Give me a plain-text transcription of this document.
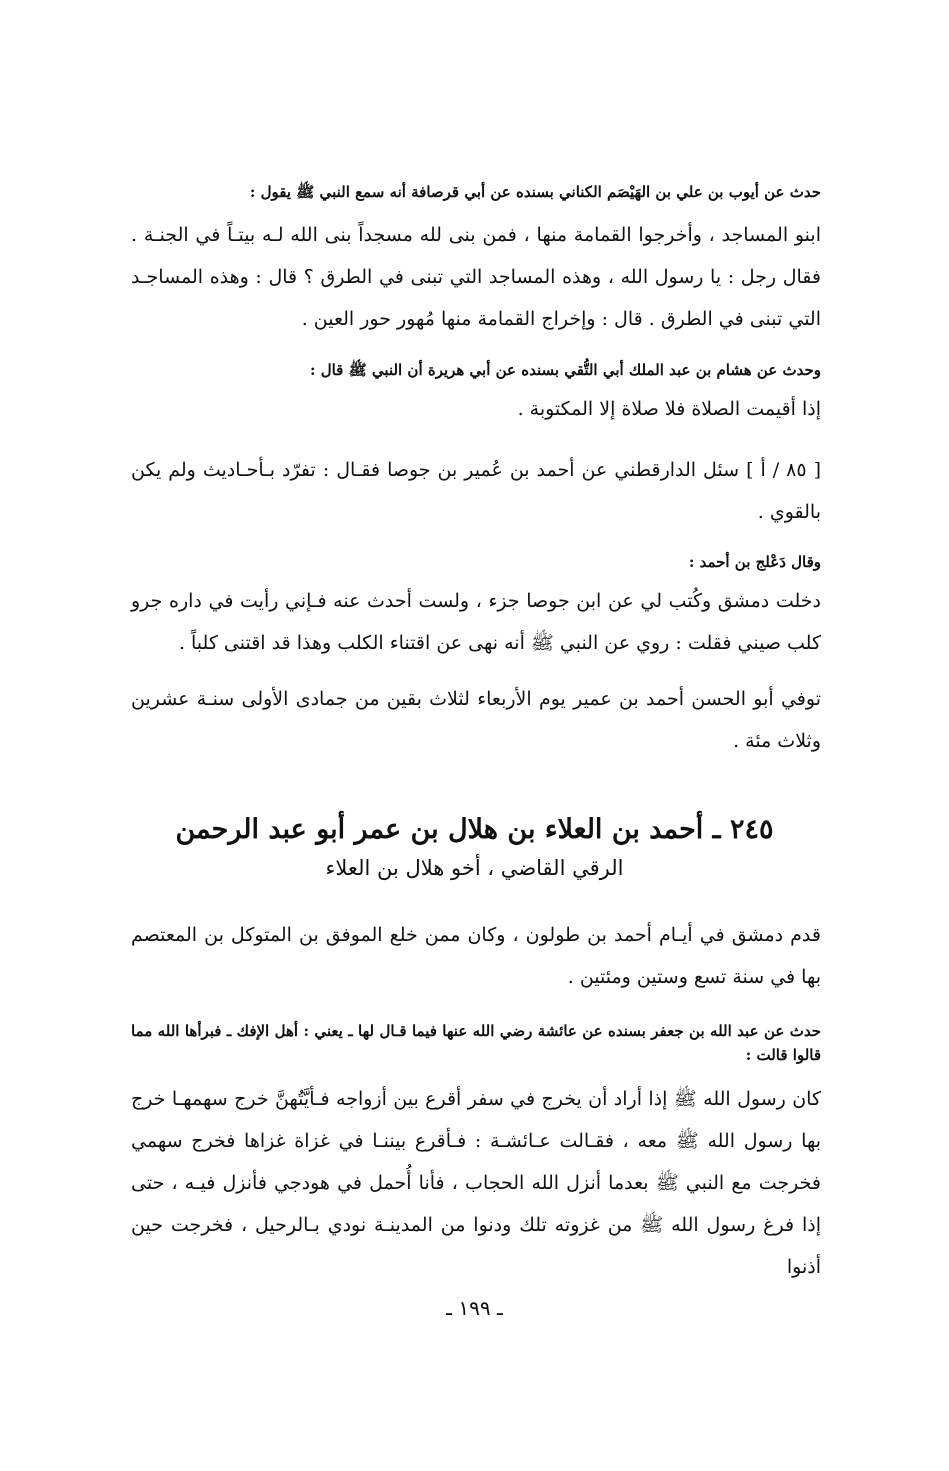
حدث عن أيوب بن علي بن الهَيْصَم الكناني بسنده عن أبي قرصافة أنه سمع النبي ﷺ يقول :
ابنو المساجد ، وأخرجوا القمامة منها ، فمن بنى لله مسجداً بنى الله لـه بيتـاً في الجنـة . فقال رجل : يا رسول الله ، وهذه المساجد التي تبنى في الطرق ؟ قال : وهذه المساجـد التي تبنى في الطرق . قال : وإخراج القمامة منها مُهور حور العين .
وحدث عن هشام بن عبد الملك أبي التُّقي بسنده عن أبي هريرة أن النبي ﷺ قال :
إذا أقيمت الصلاة فلا صلاة إلا المكتوبة .
[ ٨٥ / أ ] سئل الدارقطني عن أحمد بن عُمير بن جوصا فقـال : تفرّد بـأحـاديث ولم يكن بالقوي .
وقال دَعْلج بن أحمد :
دخلت دمشق وكُتب لي عن ابن جوصا جزء ، ولست أحدث عنه فـإني رأيت في داره جرو كلب صيني فقلت : روي عن النبي ﷺ أنه نهى عن اقتناء الكلب وهذا قد اقتنى كلباً .
توفي أبو الحسن أحمد بن عمير يوم الأربعاء لثلاث بقين من جمادى الأولى سنـة عشرين وثلاث مئة .
٢٤٥ ـ أحمد بن العلاء بن هلال بن عمر أبو عبد الرحمن
الرقي القاضي ، أخو هلال بن العلاء
قدم دمشق في أيـام أحمد بن طولون ، وكان ممن خلع الموفق بن المتوكل بن المعتصم بها في سنة تسع وستين ومئتين .
حدث عن عبد الله بن جعفر بسنده عن عائشة رضي الله عنها فيما قـال لها ـ يعني : أهل الإفك ـ فبرأها الله مما قالوا قالت :
كان رسول الله ﷺ إذا أراد أن يخرج في سفر أقرع بين أزواجه فـأيَّتُهنَّ خرج سهمهـا خرج بها رسول الله ﷺ معه ، فقـالت عـائشـة : فـأقرع بيننـا في غزاة غزاها فخرج سهمي فخرجت مع النبي ﷺ بعدما أنزل الله الحجاب ، فأنا أُحمل في هودجي فأنزل فيـه ، حتى إذا فرغ رسول الله ﷺ من غزوته تلك ودنوا من المدينـة نودي بـالرحيل ، فخرجت حين أذنوا
ـ ١٩٩ ـ
